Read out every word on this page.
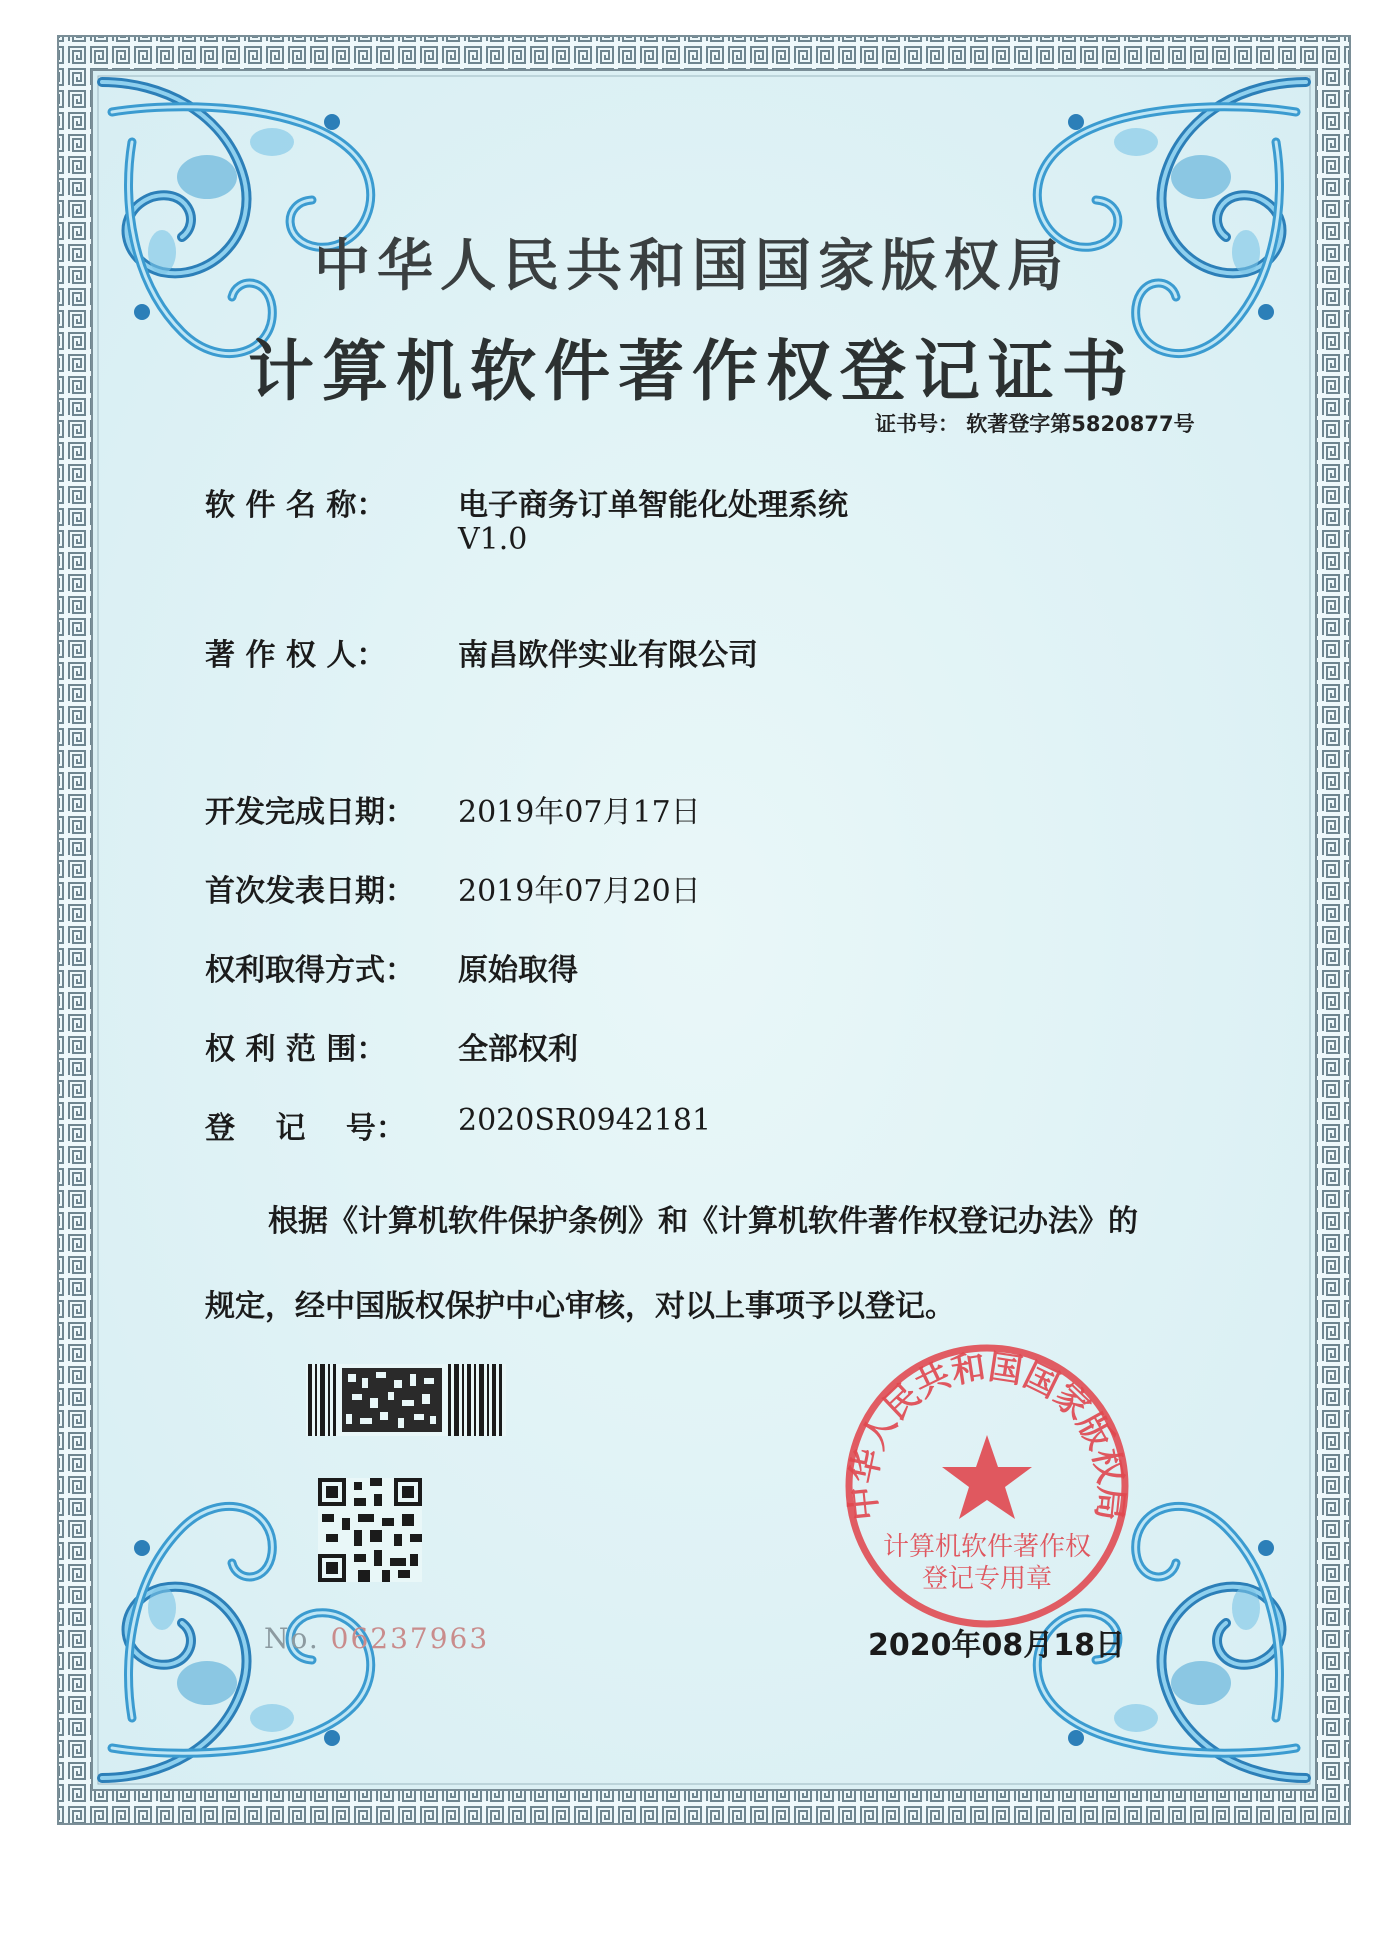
中华人民共和国国家版权局
计算机软件著作权登记证书
证书号： 软著登字第5820877号
软 件 名 称： 电子商务订单智能化处理系统
V1.0
著 作 权 人： 南昌欧伴实业有限公司
开发完成日期： 2019年07月17日
首次发表日期： 2019年07月20日
权利取得方式： 原始取得
权 利 范 围： 全部权利
登 记 号： 2020SR0942181
根据《计算机软件保护条例》和《计算机软件著作权登记办法》的
规定，经中国版权保护中心审核，对以上事项予以登记。
No. 06237963
中华人民共和国国家版权局
计算机软件著作权
登记专用章
2020年08月18日
